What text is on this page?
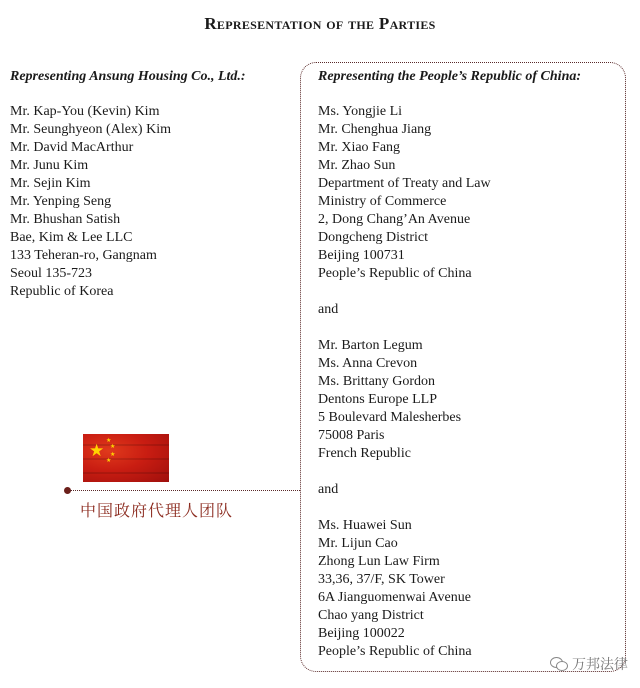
Representation of the Parties
Representing Ansung Housing Co., Ltd.:
Mr. Kap-You (Kevin) Kim
Mr. Seunghyeon (Alex) Kim
Mr. David MacArthur
Mr. Junu Kim
Mr. Sejin Kim
Mr. Yenping Seng
Mr. Bhushan Satish
Bae, Kim & Lee LLC
133 Teheran-ro, Gangnam
Seoul 135-723
Republic of Korea
Representing the People’s Republic of China:
Ms. Yongjie Li
Mr. Chenghua Jiang
Mr. Xiao Fang
Mr. Zhao Sun
Department of Treaty and Law
Ministry of Commerce
2, Dong Chang’An Avenue
Dongcheng District
Beijing 100731
People’s Republic of China
and
Mr. Barton Legum
Ms. Anna Crevon
Ms. Brittany Gordon
Dentons Europe LLP
5 Boulevard Malesherbes
75008 Paris
French Republic
and
Ms. Huawei Sun
Mr. Lijun Cao
Zhong Lun Law Firm
33,36, 37/F, SK Tower
6A Jianguomenwai Avenue
Chao yang District
Beijing 100022
People’s Republic of China
★ ★
★
★
★
中国政府代理人团队
万邦法律
